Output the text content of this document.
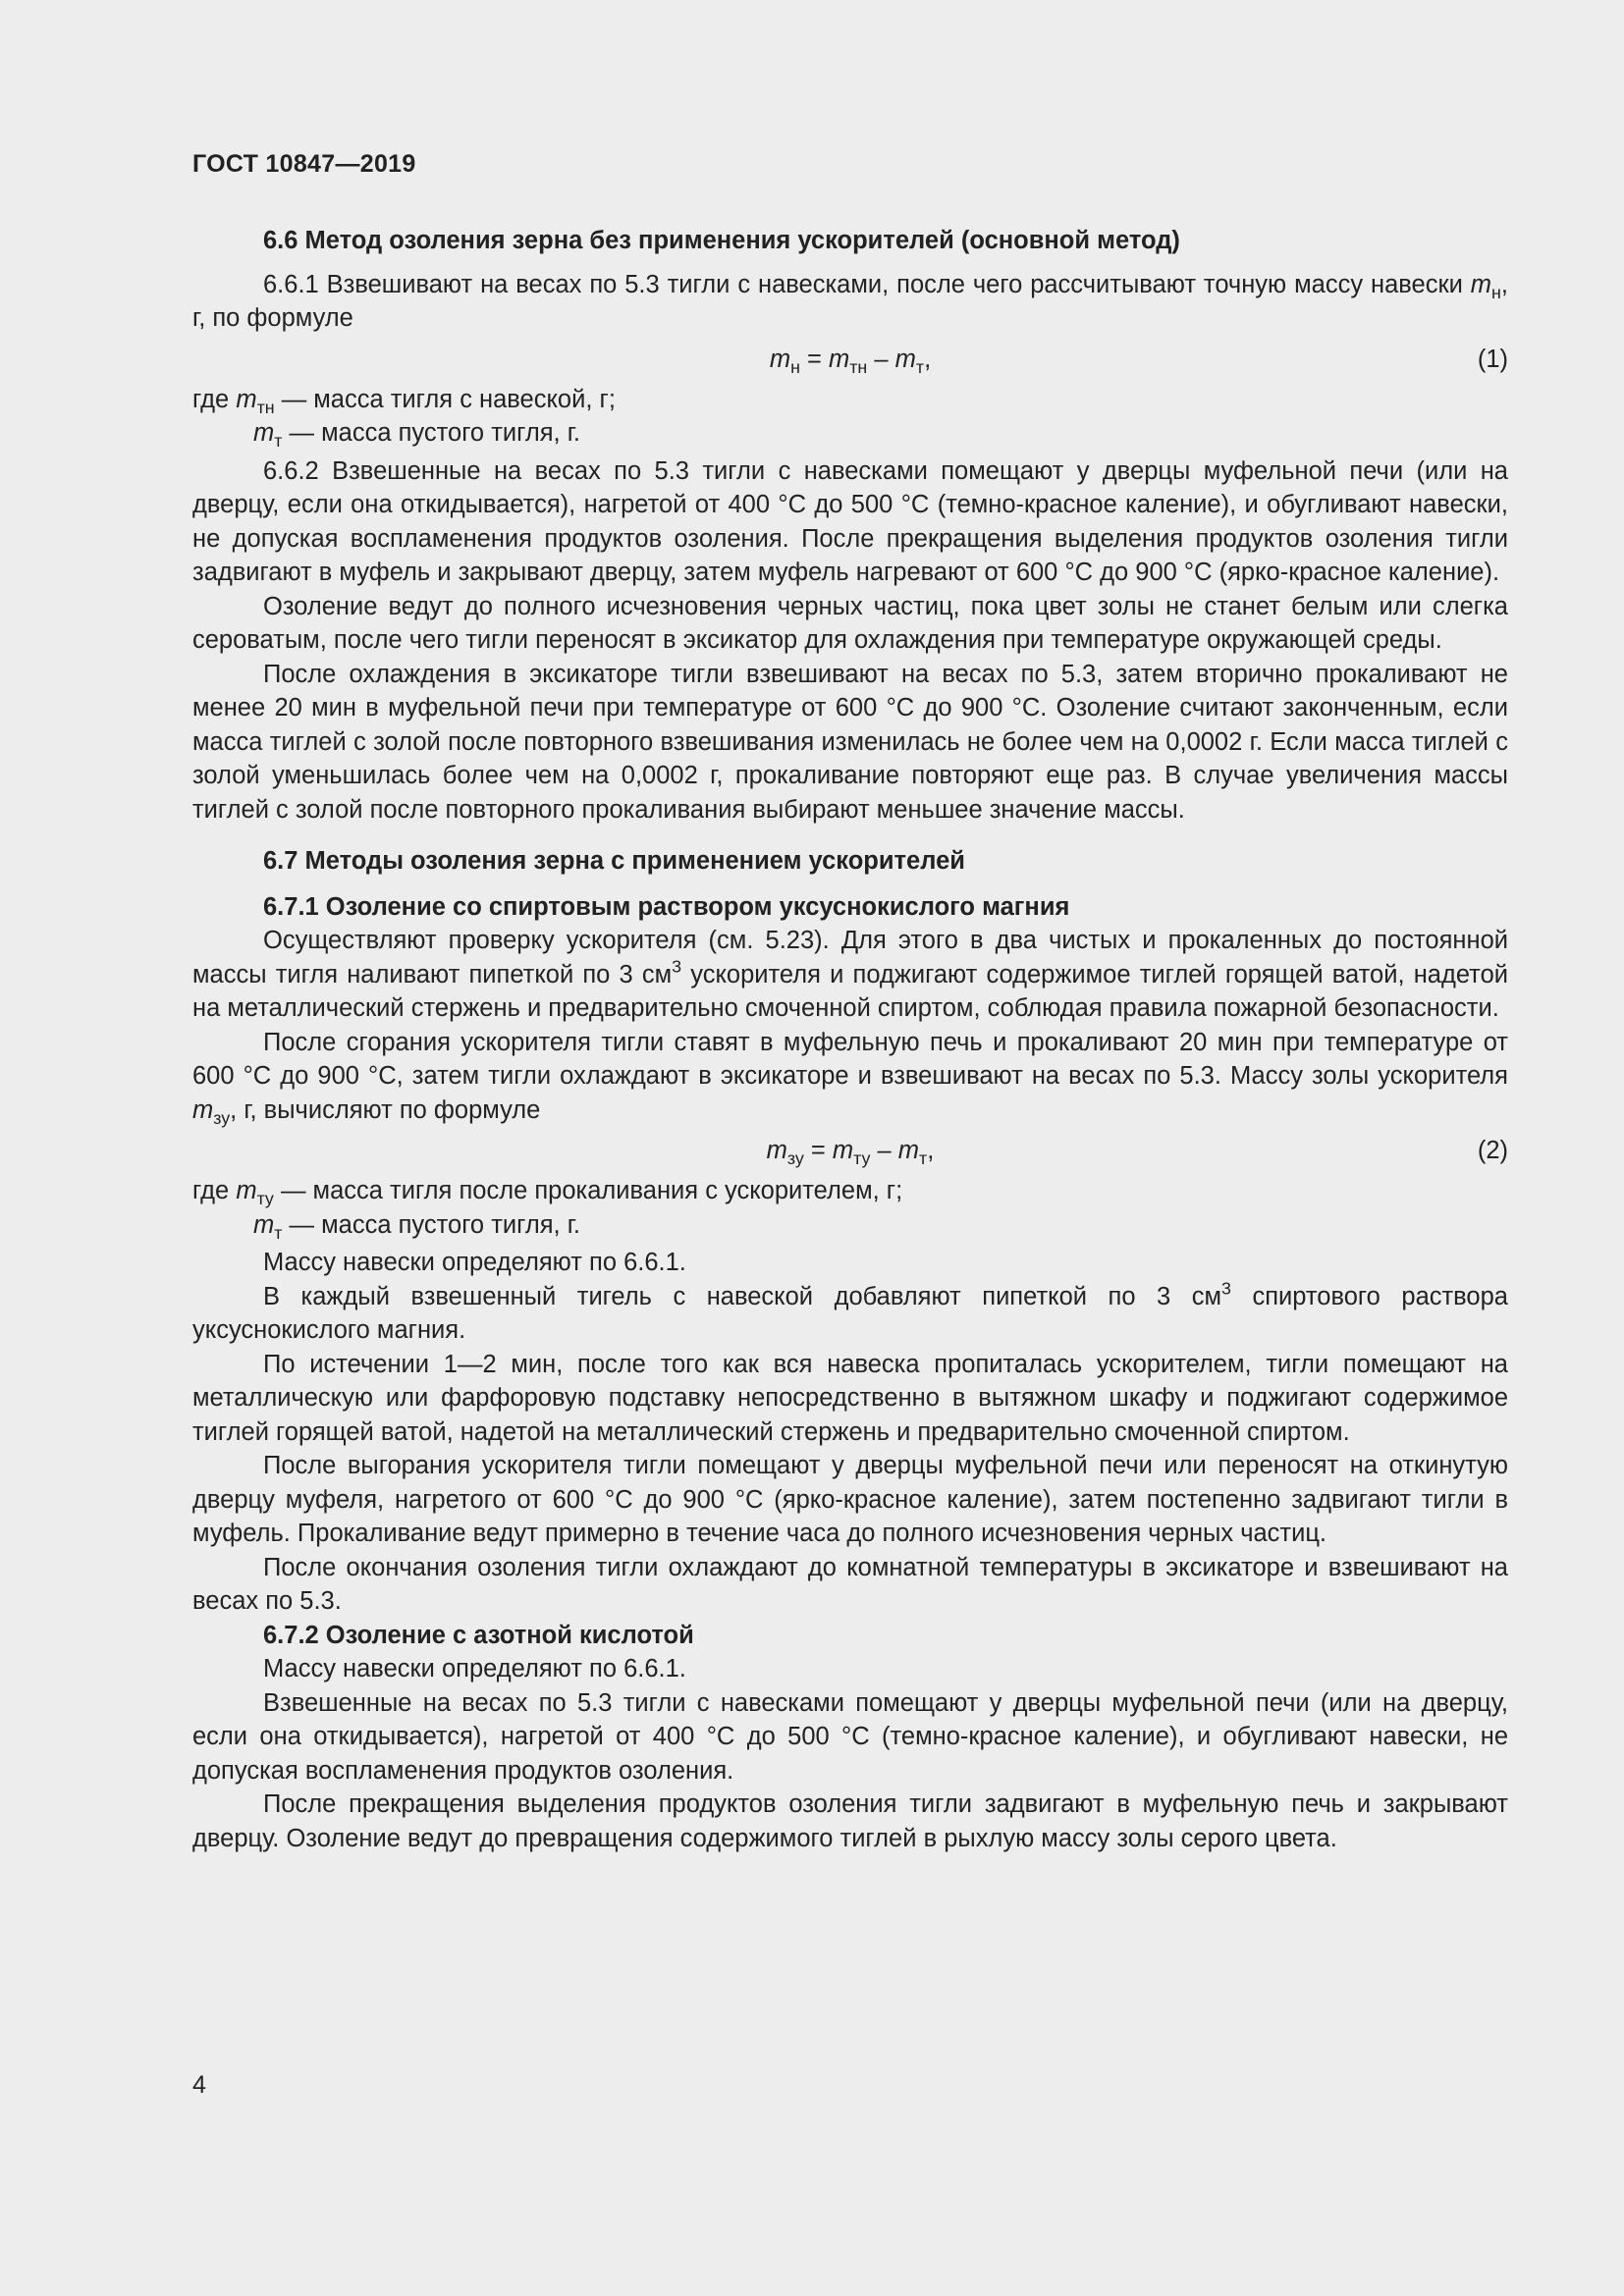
ГОСТ 10847—2019

6.6 Метод озоления зерна без применения ускорителей (основной метод)

6.6.1 Взвешивают на весах по 5.3 тигли с навесками, после чего рассчитывают точную массу навески $m_н$, г, по формуле

$m_н = m_{тн} - m_т$,	(1)

где $m_{тн}$ — масса тигля с навеской, г;

$m_т$ — масса пустого тигля, г.

6.6.2 Взвешенные на весах по 5.3 тигли с навесками помещают у дверцы муфельной печи (или на дверцу, если она откидывается), нагретой от 400 °С до 500 °С (темно-красное каление), и обугливают навески, не допуская воспламенения продуктов озоления. После прекращения выделения продуктов озоления тигли задвигают в муфель и закрывают дверцу, затем муфель нагревают от 600 °С до 900 °С (ярко-красное каление).

Озоление ведут до полного исчезновения черных частиц, пока цвет золы не станет белым или слегка сероватым, после чего тигли переносят в эксикатор для охлаждения при температуре окружающей среды.

После охлаждения в эксикаторе тигли взвешивают на весах по 5.3, затем вторично прокаливают не менее 20 мин в муфельной печи при температуре от 600 °С до 900 °С. Озоление считают законченным, если масса тиглей с золой после повторного взвешивания изменилась не более чем на 0,0002 г. Если масса тиглей с золой уменьшилась более чем на 0,0002 г, прокаливание повторяют еще раз. В случае увеличения массы тиглей с золой после повторного прокаливания выбирают меньшее значение массы.

6.7 Методы озоления зерна с применением ускорителей

6.7.1 Озоление со спиртовым раствором уксуснокислого магния

Осуществляют проверку ускорителя (см. 5.23). Для этого в два чистых и прокаленных до постоянной массы тигля наливают пипеткой по 3 $см^3$ ускорителя и поджигают содержимое тиглей горящей ватой, надетой на металлический стержень и предварительно смоченной спиртом, соблюдая правила пожарной безопасности.

После сгорания ускорителя тигли ставят в муфельную печь и прокаливают 20 мин при температуре от 600 °С до 900 °С, затем тигли охлаждают в эксикаторе и взвешивают на весах по 5.3. Массу золы ускорителя $m_{зу}$, г, вычисляют по формуле

$m_{зу} = m_{ту} - m_т$,	(2)

где $m_{ту}$ — масса тигля после прокаливания с ускорителем, г;

$m_т$ — масса пустого тигля, г.

Массу навески определяют по 6.6.1.

В каждый взвешенный тигель с навеской добавляют пипеткой по 3 $см^3$ спиртового раствора уксуснокислого магния.

По истечении 1—2 мин, после того как вся навеска пропиталась ускорителем, тигли помещают на металлическую или фарфоровую подставку непосредственно в вытяжном шкафу и поджигают содержимое тиглей горящей ватой, надетой на металлический стержень и предварительно смоченной спиртом.

После выгорания ускорителя тигли помещают у дверцы муфельной печи или переносят на откинутую дверцу муфеля, нагретого от 600 °С до 900 °С (ярко-красное каление), затем постепенно задвигают тигли в муфель. Прокаливание ведут примерно в течение часа до полного исчезновения черных частиц.

После окончания озоления тигли охлаждают до комнатной температуры в эксикаторе и взвешивают на весах по 5.3.

6.7.2 Озоление с азотной кислотой

Массу навески определяют по 6.6.1.

Взвешенные на весах по 5.3 тигли с навесками помещают у дверцы муфельной печи (или на дверцу, если она откидывается), нагретой от 400 °С до 500 °С (темно-красное каление), и обугливают навески, не допуская воспламенения продуктов озоления.

После прекращения выделения продуктов озоления тигли задвигают в муфельную печь и закрывают дверцу. Озоление ведут до превращения содержимого тиглей в рыхлую массу золы серого цвета.

4
